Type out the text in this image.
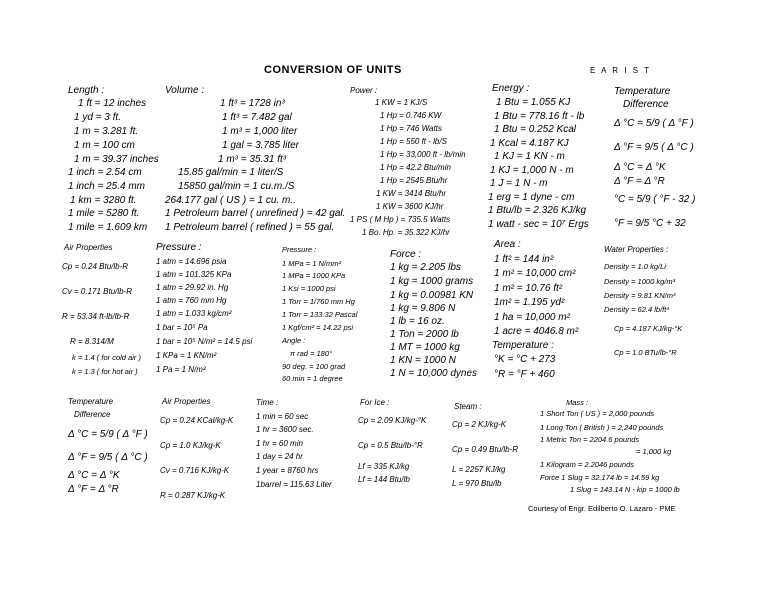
CONVERSION OF UNITS	E A R I S T
Length :
1 ft = 12 inches
1 yd = 3 ft.
1 m = 3.281 ft.
1 m = 100 cm
1 m = 39.37 inches
1 inch = 2.54 cm
1 inch = 25.4 mm
1 km = 3280 ft.
1 mile = 5280 ft.
1 mile = 1.609 km
Volume :
1 ft³ = 1728 in³
1 ft³ = 7.482 gal
1 m³ = 1,000 liter
1 gal = 3.785 liter
1 m³ = 35.31 ft³
15.85 gal/min = 1 liter/S
15850 gal/min = 1 cu.m./S
264.177 gal ( US ) = 1 cu. m..
1 Petroleum barrel ( unrefined ) = 42 gal.
1 Petroleum barrel ( refined ) = 55 gal.
Power :
1 KW = 1 KJ/S
1 Hp = 0.746 KW
1 Hp = 746 Watts
1 Hp = 550 ft - lb/S
1 Hp = 33,000 ft - lb/min
1 Hp = 42.2 Btu/min
1 Hp = 2545 Btu/hr
1 KW = 3414 Btu/hr
1 KW = 3600 KJ/hr
1 PS ( M Hp ) = 735.5 Watts
1 Bo. Hp. = 35.322 KJ/hr
Energy :
1 Btu = 1.055 KJ
1 Btu = 778.16 ft - lb
1 Btu = 0.252 Kcal
1 Kcal = 4.187 KJ
1 KJ = 1 KN - m
1 KJ = 1,000 N - m
1 J = 1 N - m
1 erg = 1 dyne - cm
1 Btu/lb = 2.326 KJ/kg
1 watt - sec = 10⁷ Ergs
Temperature
Difference
Δ °C = 5/9 ( Δ °F )
Δ °F = 9/5 ( Δ °C )
Δ °C = Δ °K
Δ °F = Δ °R
°C = 5/9 ( °F - 32 )
°F = 9/5 °C + 32
Air Properties
Cp = 0.24 Btu/lb-R
Cv = 0.171 Btu/lb-R
R = 53.34 ft-lb/lb-R
R = 8.314/M
k = 1.4 ( for cold air )
k = 1.3 ( for hot air )
Pressure :
1 atm = 14.696 psia
1 atm = 101.325 KPa
1 atm = 29.92 in. Hg
1 atm = 760 mm Hg
1 atm = 1.033 kg/cm²
1 bar = 10⁵ Pa
1 bar = 10⁵ N/m² = 14.5 psi
1 KPa = 1 KN/m²
1 Pa = 1 N/m²
Pressure :
1 MPa = 1 N/mm²
1 MPa = 1000 KPa
1 Ksi = 1000 psi
1 Torr = 1/760 mm Hg
1 Torr = 133.32 Pascal
1 Kgf/cm² = 14.22 psi
Angle :
π rad = 180°
90 deg. = 100 grad
60 min = 1 degree
Force :
1 kg = 2.205 lbs
1 kg = 1000 grams
1 kg = 0.00981 KN
1 kg = 9.806 N
1 lb = 16 oz.
1 Ton = 2000 lb
1 MT = 1000 kg
1 KN = 1000 N
1 N = 10,000 dynes
Area :
1 ft² = 144 in²
1 m² = 10,000 cm²
1 m² = 10.76 ft²
1m² = 1.195 yd²
1 ha = 10,000 m²
1 acre = 4046.8 m²
Temperature :
°K = °C + 273
°R = °F + 460
Water Properties :
Density = 1.0 kg/Li
Density = 1000 kg/m³
Density = 9.81 KN/m³
Density = 62.4 lb/ft³
Cp = 4.187 KJ/kg-°K
Cp = 1.0 BTu/lb-°R
Temperature
Difference
Δ °C = 5/9 ( Δ °F )
Δ °F = 9/5 ( Δ °C )
Δ °C = Δ °K
Δ °F = Δ °R
Air Properties
Cp = 0.24 KCal/kg-K
Cp = 1.0 KJ/kg-K
Cv = 0.716 KJ/kg-K
R = 0.287 KJ/kg-K
Time :
1 min = 60 sec
1 hr = 3600 sec.
1 hr = 60 min
1 day = 24 hr
1 year = 8760 hrs
1barrel = 115.63 Liter
For Ice :
Cp = 2.09 KJ/kg-°K
Cp = 0.5 Btu/lb-°R
Lf = 335 KJ/kg
Lf = 144 Btu/lb
Steam :
Cp = 2 KJ/kg-K
Cp = 0.49 Btu/lb-R
L = 2257 KJ/kg
L = 970 Btu/lb
Mass :
1 Short Ton ( US ) = 2,000 pounds
1 Long Ton ( British ) = 2,240 pounds
1 Metric Ton = 2204.6 pounds
= 1,000 kg
1 Kilogram = 2.2046 pounds
Force 1 Slug = 32.174 lb = 14.59 kg
1 Slug = 143.14 N - kip = 1000 lb
Courtesy of Engr. Edilberto O. Lazaro - PME
